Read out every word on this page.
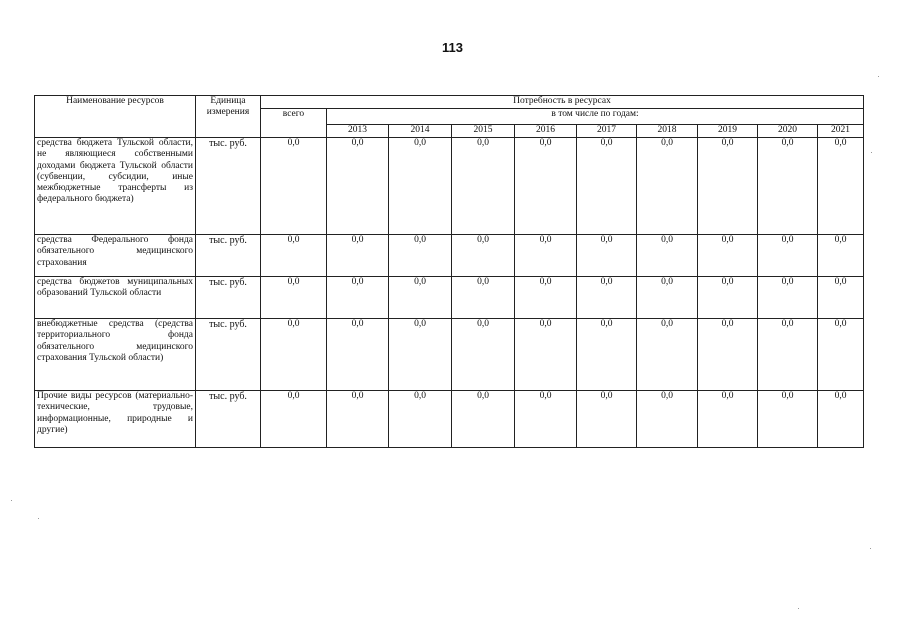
113
Наименование ресурсов	Единица измерения	Потребность в ресурсах									
		всего	в том числе по годам:								
			2013	2014	2015	2016	2017	2018	2019	2020	2021
средства бюджета Тульской области, не являющиеся собственными доходами бюджета Тульской области (субвенции, субсидии, иные межбюджетные трансферты из федерального бюджета)	тыс. руб.	0,0	0,0	0,0	0,0	0,0	0,0	0,0	0,0	0,0	0,0
средства Федерального фонда обязательного медицинского страхования	тыс. руб.	0,0	0,0	0,0	0,0	0,0	0,0	0,0	0,0	0,0	0,0
средства бюджетов муниципальных образований Тульской области	тыс. руб.	0,0	0,0	0,0	0,0	0,0	0,0	0,0	0,0	0,0	0,0
внебюджетные средства (средства территориального фонда обязательного медицинского страхования Тульской области)	тыс. руб.	0,0	0,0	0,0	0,0	0,0	0,0	0,0	0,0	0,0	0,0
Прочие виды ресурсов (материально-технические, трудовые, информационные, природные и другие)	тыс. руб.	0,0	0,0	0,0	0,0	0,0	0,0	0,0	0,0	0,0	0,0
